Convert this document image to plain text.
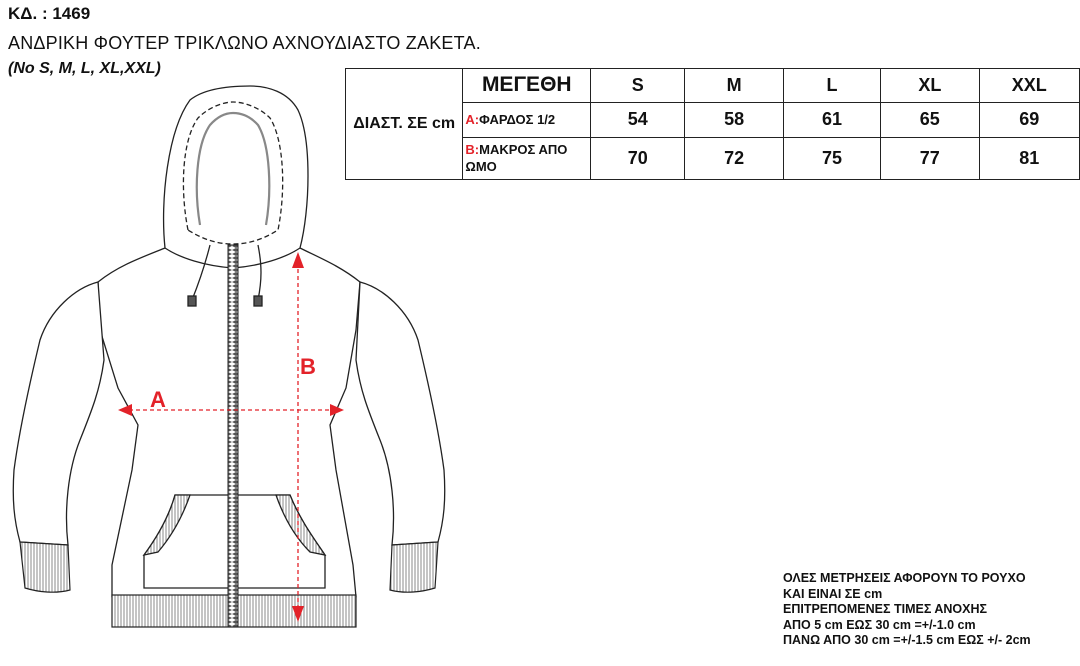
ΚΔ. : 1469
ΑΝΔΡΙΚΗ ΦΟΥΤΕΡ ΤΡΙΚΛΩΝΟ ΑΧΝΟΥΔΙΑΣΤΟ ΖΑΚΕΤΑ.
(No S, M, L, XL,XXL)
ΔΙΑΣΤ. ΣΕ cm	ΜΕΓΕΘΗ	S	M	L	XL	XXL
	A:ΦΑΡΔΟΣ 1/2	54	58	61	65	69
	B:ΜΑΚΡΟΣ ΑΠΟ ΩΜΟ	70	72	75	77	81
A
B
ΟΛΕΣ ΜΕΤΡΗΣΕΙΣ ΑΦΟΡΟΥΝ ΤΟ ΡΟΥΧΟ
ΚΑΙ ΕΙΝΑΙ ΣΕ cm
ΕΠΙΤΡΕΠΟΜΕΝΕΣ ΤΙΜΕΣ ΑΝΟΧΗΣ
ΑΠΟ 5 cm ΕΩΣ 30 cm =+/-1.0 cm
ΠΑΝΩ ΑΠΟ 30 cm =+/-1.5 cm ΕΩΣ +/- 2cm
